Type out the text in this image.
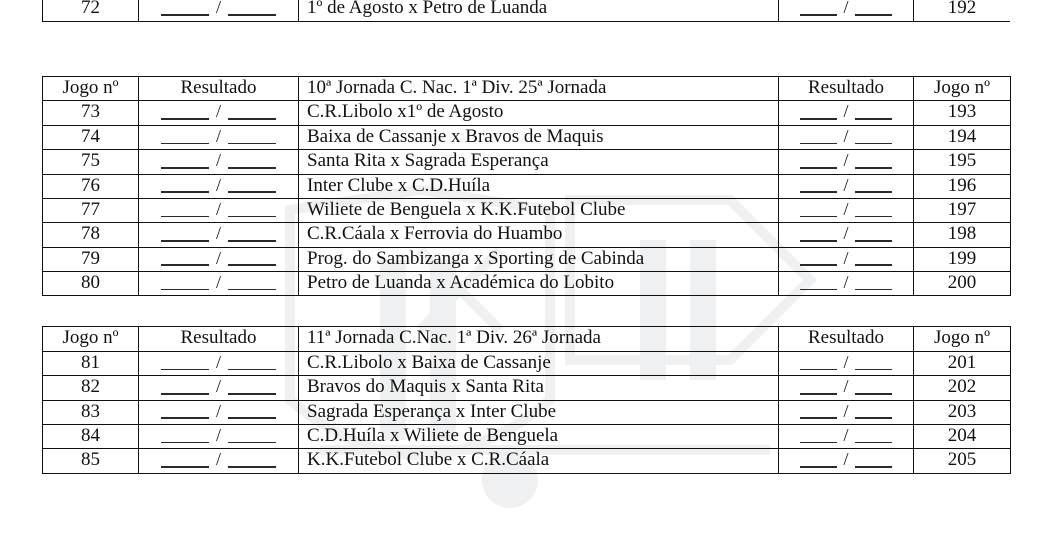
72	/	1º de Agosto x Petro de Luanda	/	192
Jogo nº	Resultado	10ª Jornada C. Nac. 1ª Div. 25ª Jornada	Resultado	Jogo nº
73	/	C.R.Libolo x1º de Agosto	/	193
74	/	Baixa de Cassanje x Bravos de Maquis	/	194
75	/	Santa Rita x Sagrada Esperança	/	195
76	/	Inter Clube x C.D.Huíla	/	196
77	/	Wiliete de Benguela x K.K.Futebol Clube	/	197
78	/	C.R.Cáala x Ferrovia do Huambo	/	198
79	/	Prog. do Sambizanga x Sporting de Cabinda	/	199
80	/	Petro de Luanda x Académica do Lobito	/	200
Jogo nº	Resultado	11ª Jornada C.Nac. 1ª Div. 26ª Jornada	Resultado	Jogo nº
81	/	C.R.Libolo x Baixa de Cassanje	/	201
82	/	Bravos do Maquis x Santa Rita	/	202
83	/	Sagrada Esperança x Inter Clube	/	203
84	/	C.D.Huíla x Wiliete de Benguela	/	204
85	/	K.K.Futebol Clube x C.R.Cáala	/	205
